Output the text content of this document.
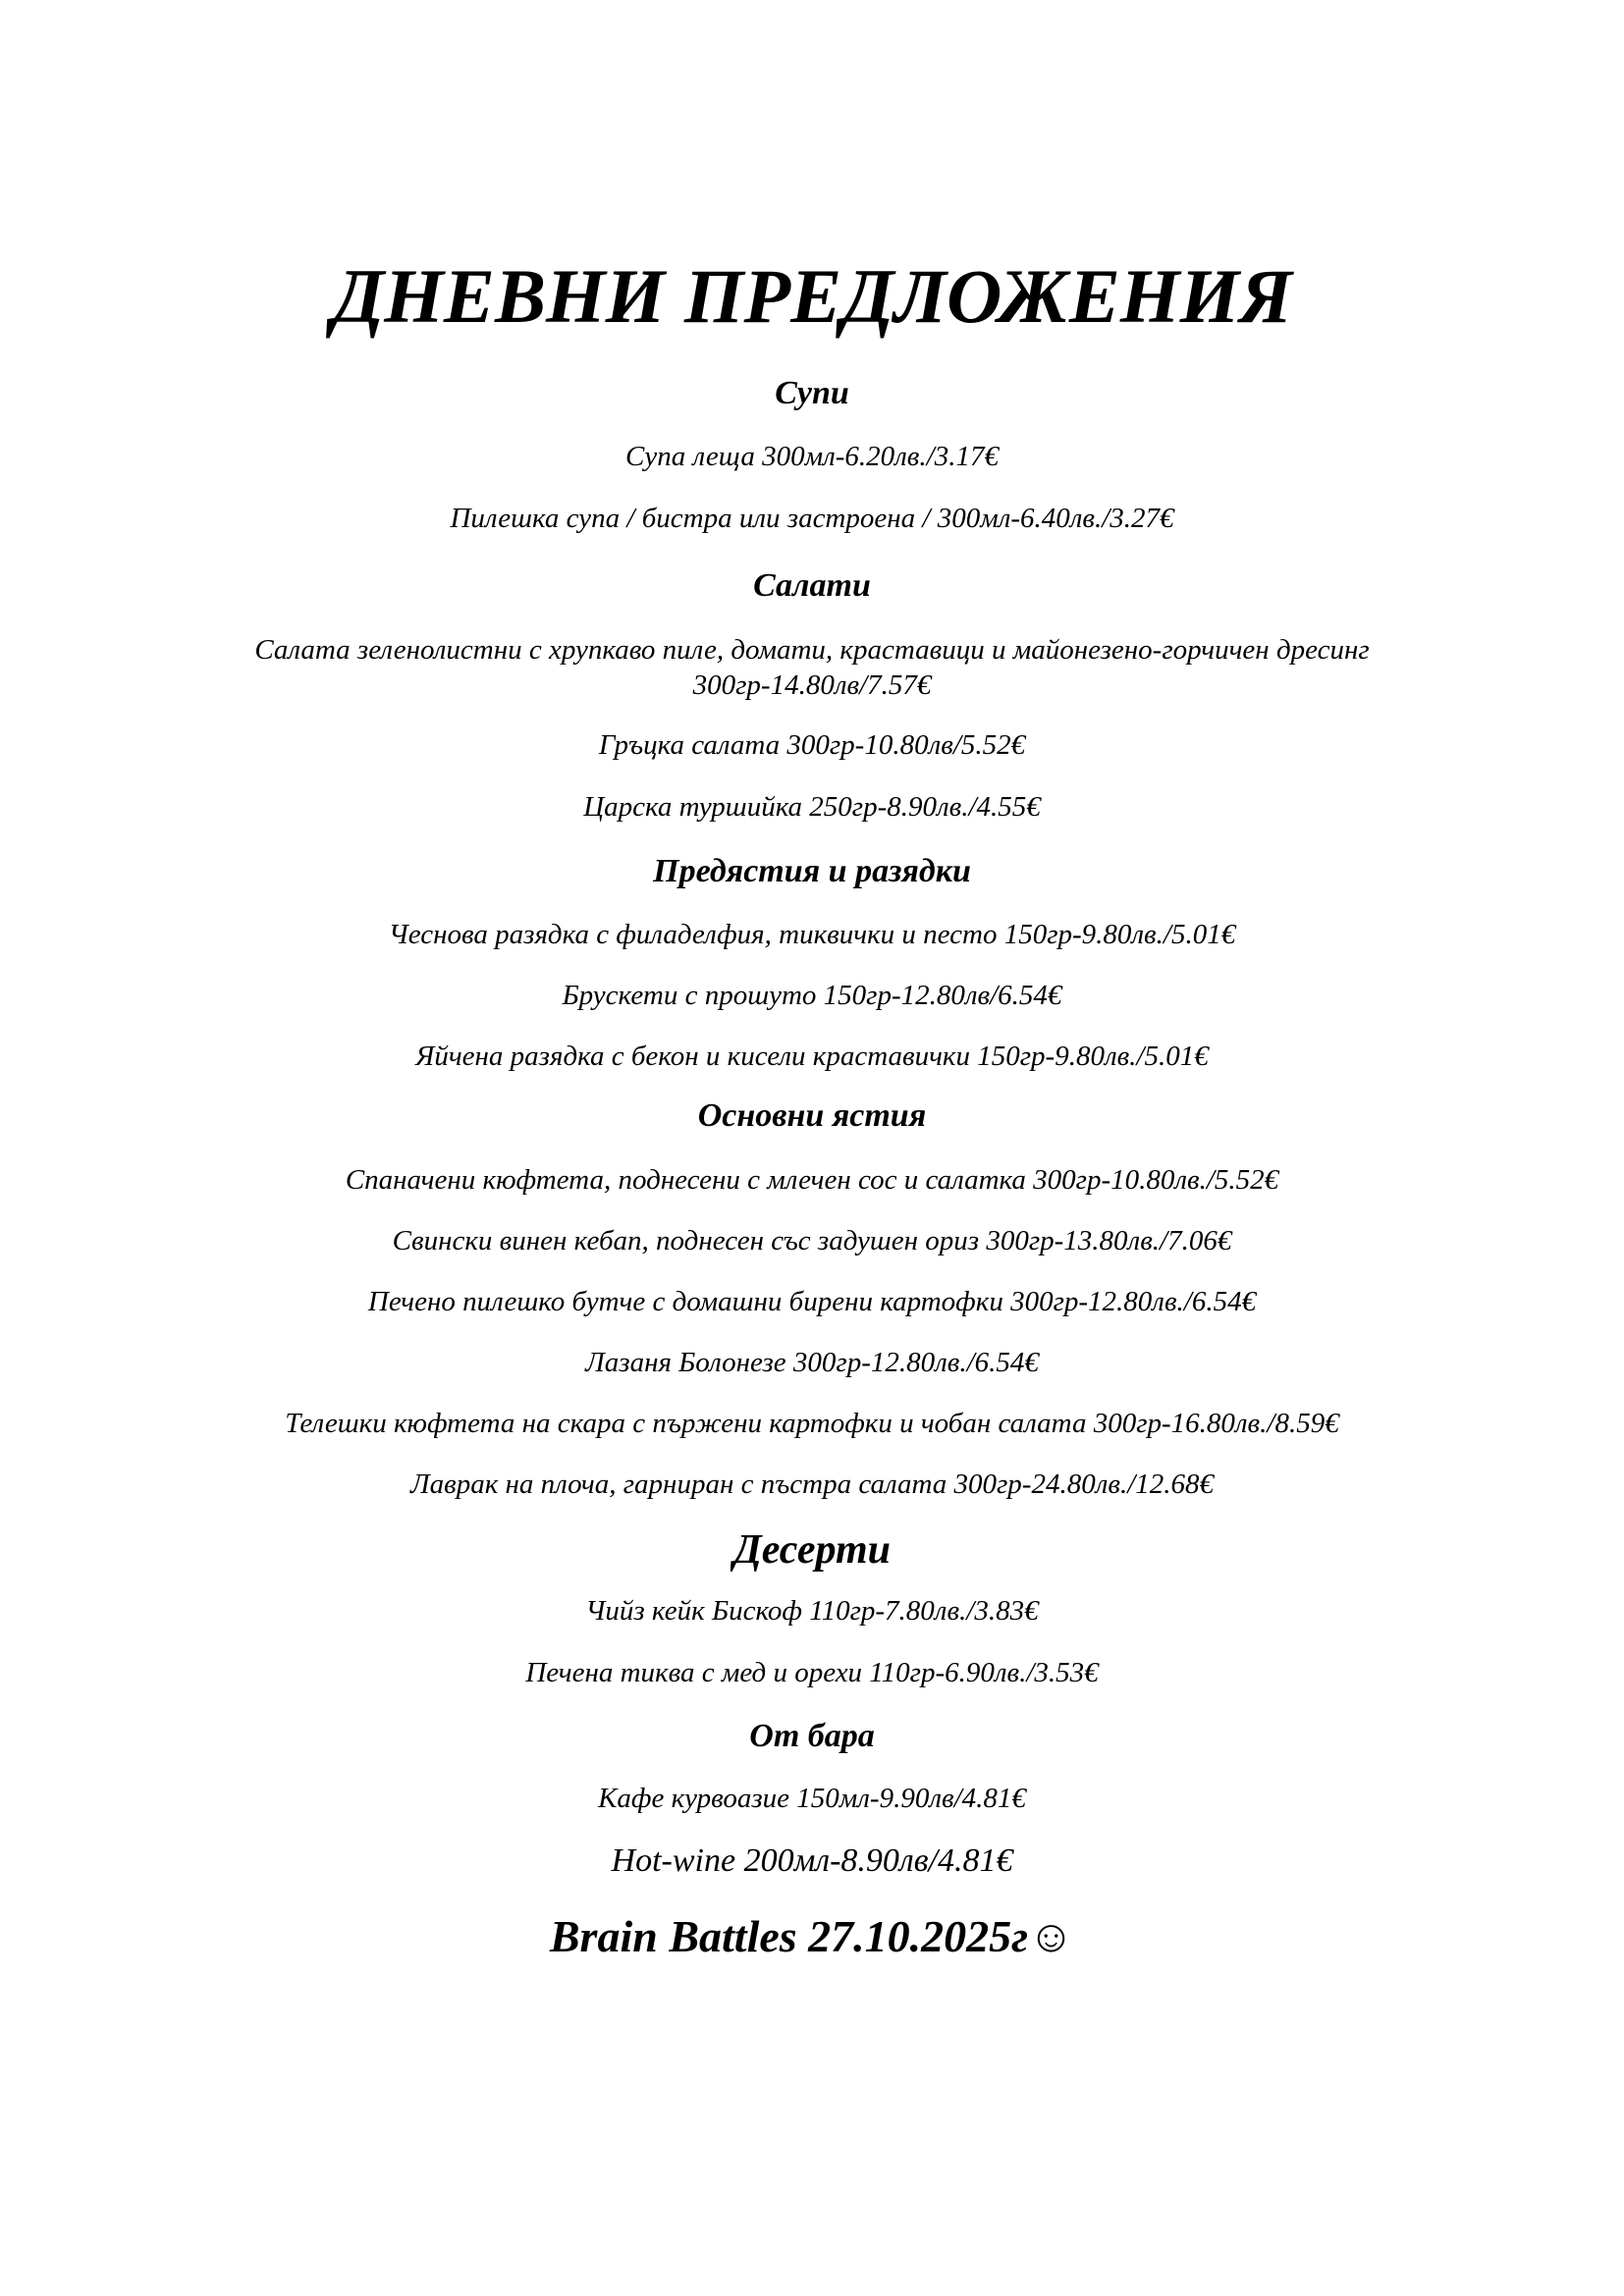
ДНЕВНИ ПРЕДЛОЖЕНИЯ
Супи
Супа леща 300мл-6.20лв./3.17€
Пилешка супа / бистра или застроена / 300мл-6.40лв./3.27€
Салати
Салата зеленолистни с хрупкаво пиле, домати, краставици и майонезено-горчичен дресинг 300гр-14.80лв/7.57€
Гръцка салата 300гр-10.80лв/5.52€
Царска туршийка 250гр-8.90лв./4.55€
Предястия и разядки
Чеснова разядка с филаделфия, тиквички и песто 150гр-9.80лв./5.01€
Брускети с прошуто 150гр-12.80лв/6.54€
Яйчена разядка с бекон и кисели краставички 150гр-9.80лв./5.01€
Основни ястия
Спаначени кюфтета, поднесени с млечен сос и салатка 300гр-10.80лв./5.52€
Свински винен кебап, поднесен със задушен ориз 300гр-13.80лв./7.06€
Печено пилешко бутче с домашни бирени картофки 300гр-12.80лв./6.54€
Лазаня Болонезе 300гр-12.80лв./6.54€
Телешки кюфтета на скара с пържени картофки и чобан салата 300гр-16.80лв./8.59€
Лаврак на плоча, гарниран с пъстра салата 300гр-24.80лв./12.68€
Десерти
Чийз кейк Бискоф 110гр-7.80лв./3.83€
Печена тиква с мед и орехи 110гр-6.90лв./3.53€
От бара
Кафе курвоазие 150мл-9.90лв/4.81€
Hot-wine 200мл-8.90лв/4.81€
Brain Battles 27.10.2025г☺
